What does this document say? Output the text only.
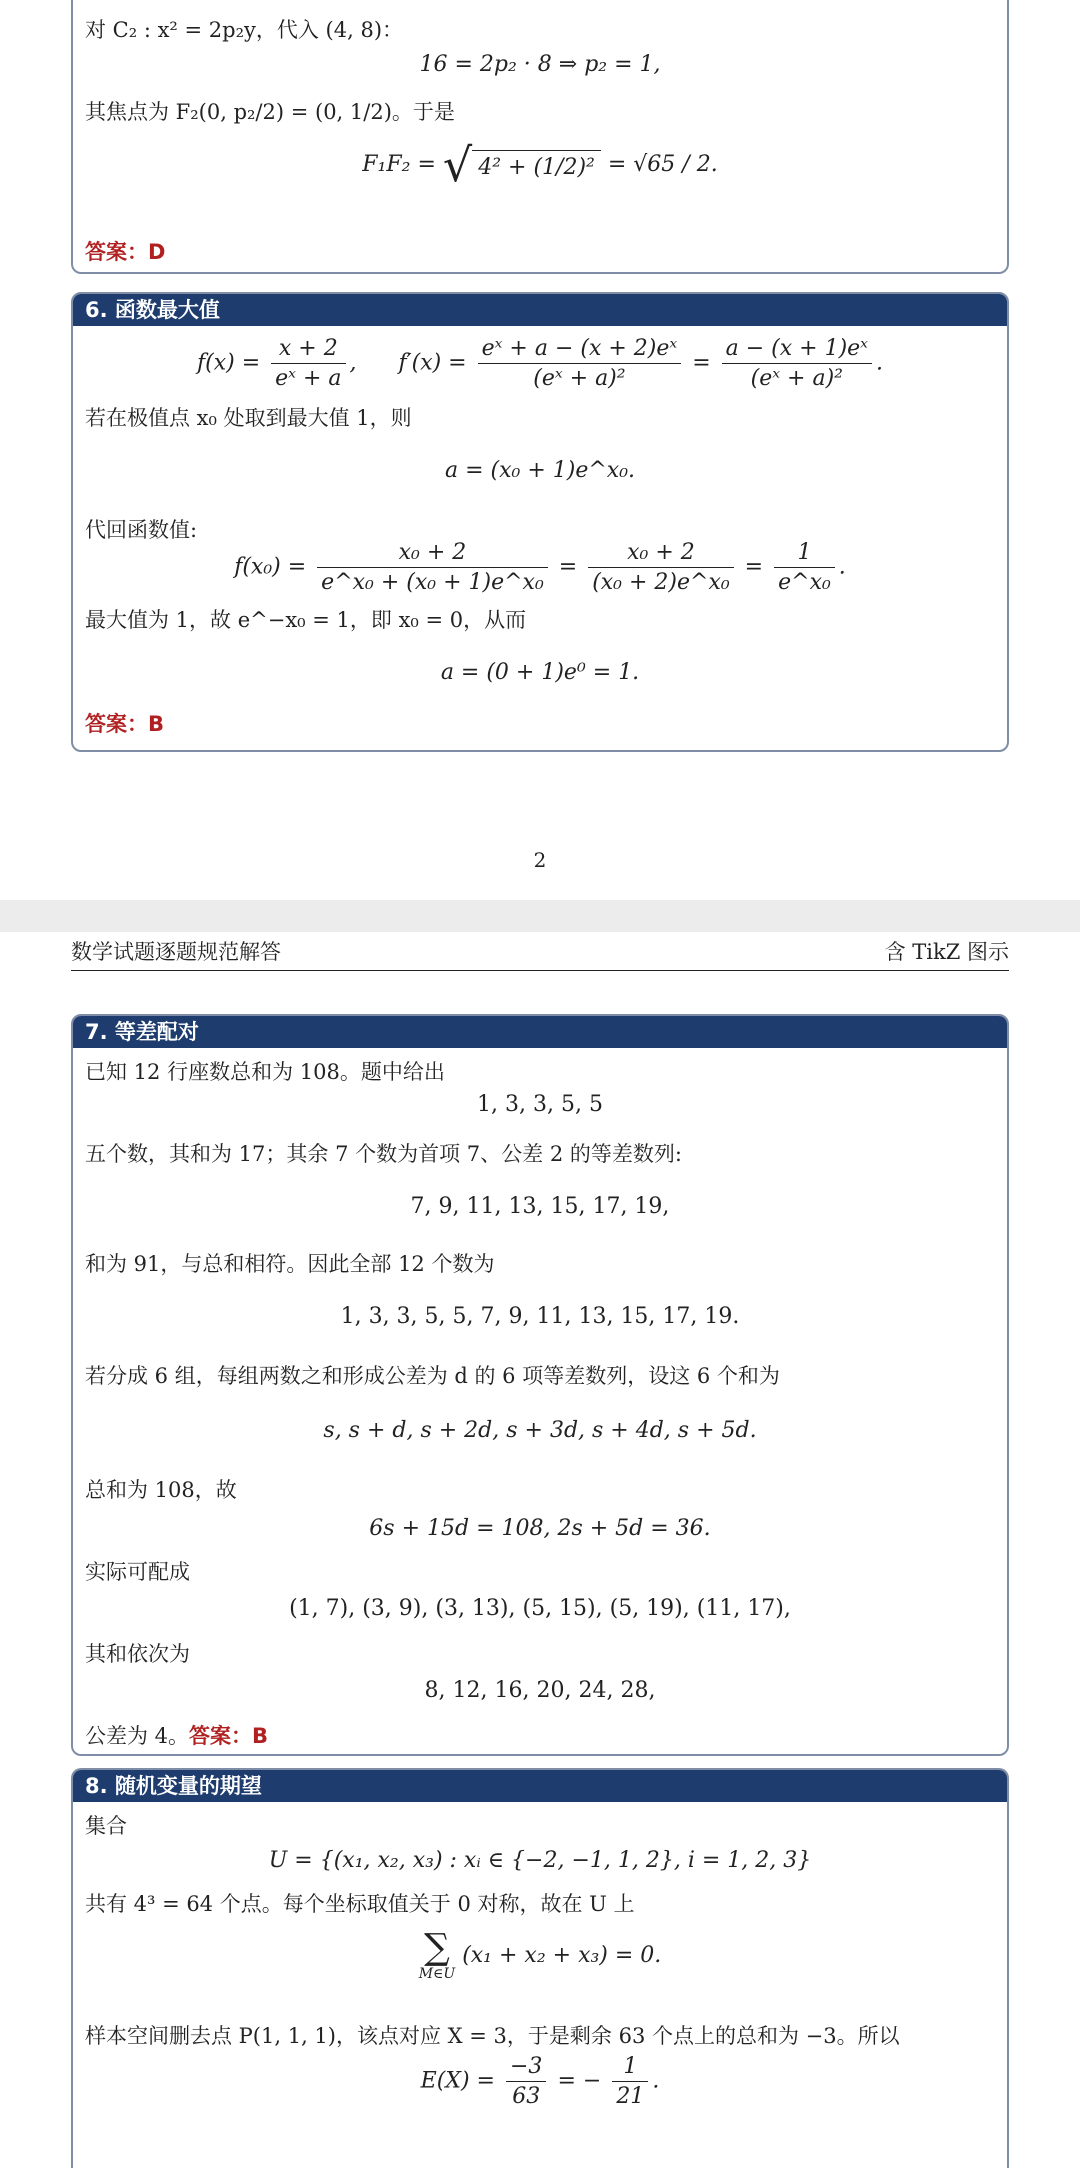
对 C₂ : x² = 2p₂y，代入 (4, 8)：
16 = 2p₂ · 8 ⇒ p₂ = 1,
其焦点为 F₂(0, p₂/2) = (0, 1/2)。于是
F₁F₂ = √ 4² + (1/2)² = √65 / 2.
答案：D
6. 函数最大值
$f(x) = \frac{x + 2}{\text{eˣ + a}}$ ,      $f'(x) = \frac{\text{eˣ + a − (x + 2)eˣ}}{\text{(eˣ + a)²}} = \frac{\text{a − (x + 1)eˣ}}{\text{(eˣ + a)²}}$ .
若在极值点 x₀ 处取到最大值 1，则
a = (x₀ + 1)e^x₀.
代回函数值:
$f(x_0) = \frac{\text{x₀ + 2}}{\text{e\textasciicircum{}x₀ + (x₀ + 1)e\textasciicircum{}x₀}} = \frac{\text{x₀ + 2}}{\text{(x₀ + 2)e\textasciicircum{}x₀}} = \frac{1}{\text{e\textasciicircum{}x₀}}$ .
最大值为 1，故 e^−x₀ = 1，即 x₀ = 0，从而
a = (0 + 1)e⁰ = 1.
答案：B
2
数学试题逐题规范解答	含 TikZ 图示
7. 等差配对
已知 12 行座数总和为 108。题中给出
1, 3, 3, 5, 5
五个数，其和为 17；其余 7 个数为首项 7、公差 2 的等差数列:
7, 9, 11, 13, 15, 17, 19,
和为 91，与总和相符。因此全部 12 个数为
1, 3, 3, 5, 5, 7, 9, 11, 13, 15, 17, 19.
若分成 6 组，每组两数之和形成公差为 d 的 6 项等差数列，设这 6 个和为
s, s + d, s + 2d, s + 3d, s + 4d, s + 5d.
总和为 108，故
6s + 15d = 108, 2s + 5d = 36.
实际可配成
(1, 7), (3, 9), (3, 13), (5, 15), (5, 19), (11, 17),
其和依次为
8, 12, 16, 20, 24, 28,
公差为 4。答案：B
8. 随机变量的期望
集合
U = {(x₁, x₂, x₃) : xᵢ ∈ {−2, −1, 1, 2}, i = 1, 2, 3}
共有 4³ = 64 个点。每个坐标取值关于 0 对称，故在 U 上
∑
M∈U
(x₁ + x₂ + x₃) = 0.
样本空间删去点 P(1, 1, 1)，该点对应 X = 3，于是剩余 63 个点上的总和为 −3。所以
$E(X) = \frac{-3}{63}$ = − $\frac{1}{21}$ .
